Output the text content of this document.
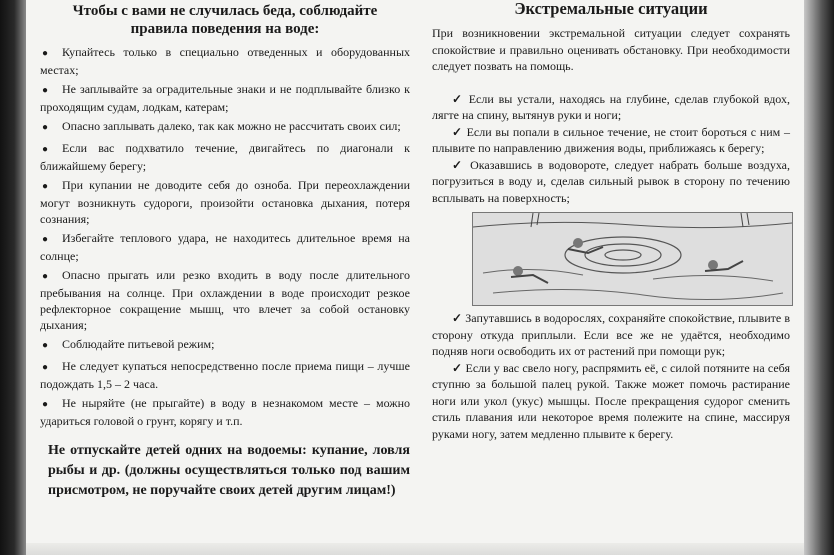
Чтобы с вами не случилась беда, соблюдайте
правила поведения на воде:
● Купайтесь только в специально отведенных и оборудованных местах;
● Не заплывайте за оградительные знаки и не подплывайте близко к проходящим судам, лодкам, катерам;
● Опасно заплывать далеко, так как можно не рассчитать своих сил;
● Если вас подхватило течение, двигайтесь по диагонали к ближайшему берегу;
● При купании не доводите себя до озноба. При переохлаждении могут возникнуть судороги, произойти остановка дыхания, потеря сознания;
● Избегайте теплового удара, не находитесь длительное время на солнце;
● Опасно прыгать или резко входить в воду после длительного пребывания на солнце. При охлаждении в воде происходит резкое рефлекторное сокращение мышц, что влечет за собой остановку дыхания;
● Соблюдайте питьевой режим;
● Не следует купаться непосредственно после приема пищи – лучше подождать 1,5 – 2 часа.
● Не ныряйте (не прыгайте) в воду в незнакомом месте – можно удариться головой о грунт, корягу и т.п.

Не отпускайте детей одних на водоемы: купание, ловля рыбы и др. (должны осуществляться только под вашим присмотром, не поручайте своих детей другим лицам!)

Экстремальные ситуации

При возникновении экстремальной ситуации следует сохранять спокойствие и правильно оценивать обстановку. При необходимости следует позвать на помощь.

✓ Если вы устали, находясь на глубине, сделав глубокой вдох, лягте на спину, вытянув руки и ноги;

✓ Если вы попали в сильное течение, не стоит бороться с ним – плывите по направлению движения воды, приближаясь к берегу;

✓ Оказавшись в водовороте, следует набрать больше воздуха, погрузиться в воду и, сделав сильный рывок в сторону по течению всплывать на поверхность;

✓ Запутавшись в водорослях, сохраняйте спокойствие, плывите в сторону откуда приплыли. Если все же не удаётся, необходимо подняв ноги освободить их от растений при помощи рук;

✓ Если у вас свело ногу, распрямить её, с силой потяните на себя ступню за большой палец рукой. Также может помочь растирание ноги или укол (укус) мышцы. После прекращения судорог сменить стиль плавания или некоторое время полежите на спине, массируя руками ногу, затем медленно плывите к берегу.
